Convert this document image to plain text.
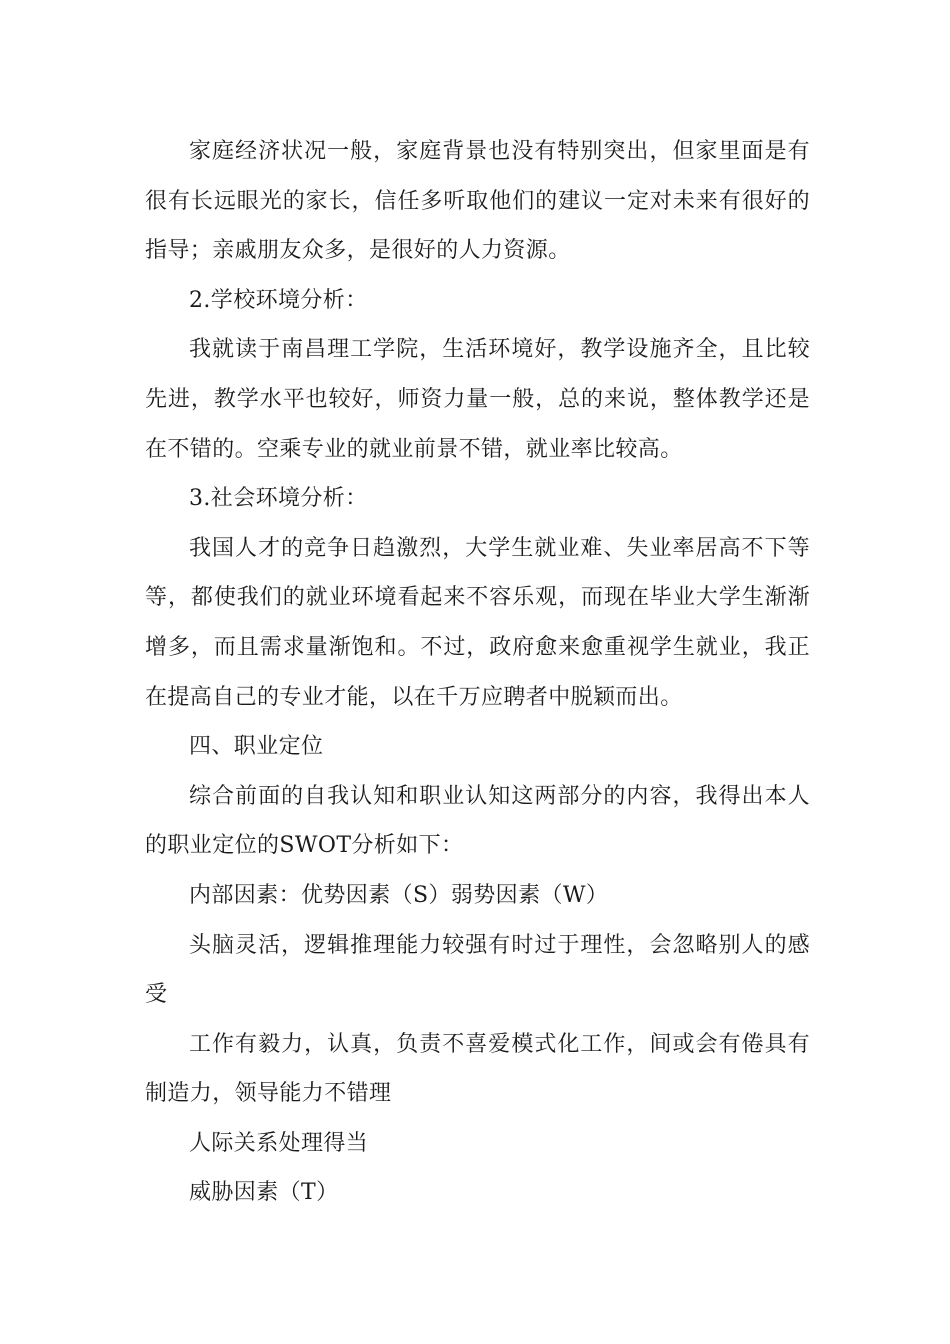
家庭经济状况一般，家庭背景也没有特别突出，但家里面是有很有长远眼光的家长，信任多听取他们的建议一定对未来有很好的指导；亲戚朋友众多，是很好的人力资源。

2.学校环境分析：

我就读于南昌理工学院，生活环境好，教学设施齐全，且比较先进，教学水平也较好，师资力量一般，总的来说，整体教学还是在不错的。空乘专业的就业前景不错，就业率比较高。

3.社会环境分析：

我国人才的竞争日趋激烈，大学生就业难、失业率居高不下等等，都使我们的就业环境看起来不容乐观，而现在毕业大学生渐渐增多，而且需求量渐饱和。不过，政府愈来愈重视学生就业，我正在提高自己的专业才能，以在千万应聘者中脱颖而出。

四、职业定位

综合前面的自我认知和职业认知这两部分的内容，我得出本人的职业定位的SWOT分析如下：

内部因素：优势因素（S）弱势因素（W）

头脑灵活，逻辑推理能力较强有时过于理性，会忽略别人的感受

工作有毅力，认真，负责不喜爱模式化工作，间或会有倦具有制造力，领导能力不错理

人际关系处理得当

威胁因素（T）
